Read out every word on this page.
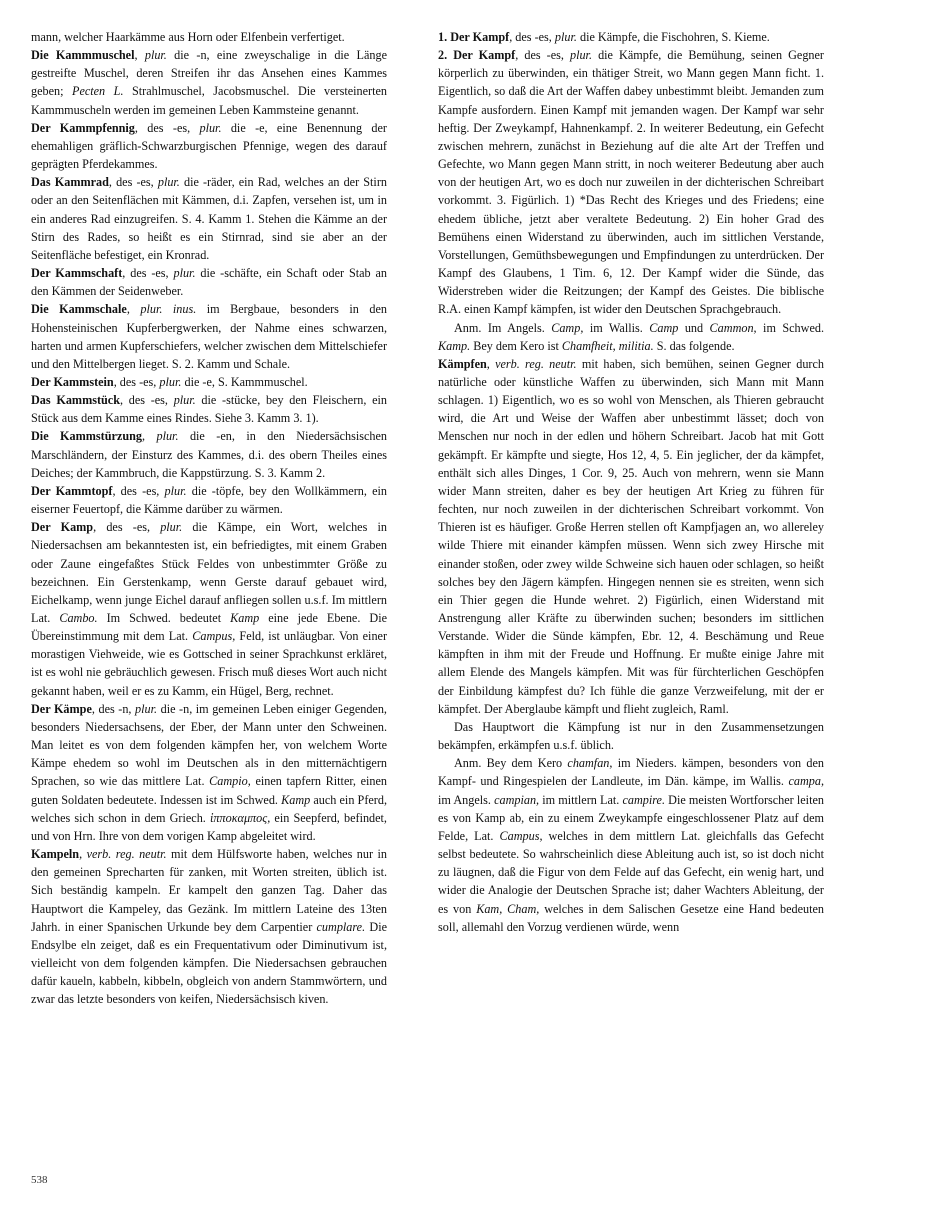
mann, welcher Haarkämme aus Horn oder Elfenbein verfertiget.

Die Kammmuschel, plur. die -n, eine zweyschalige in die Länge gestreifte Muschel, deren Streifen ihr das Ansehen eines Kammes geben; Pecten L. Strahlmuschel, Jacobsmuschel. Die versteinerten Kammmuscheln werden im gemeinen Leben Kammsteine genannt.

Der Kammpfennig, des -es, plur. die -e, eine Benennung der ehemahligen gräflich-Schwarzburgischen Pfennige, wegen des darauf geprägten Pferdekammes.

Das Kammrad, des -es, plur. die -räder, ein Rad, welches an der Stirn oder an den Seitenflächen mit Kämmen, d.i. Zapfen, versehen ist, um in ein anderes Rad einzugreifen. S. 4. Kamm 1. Stehen die Kämme an der Stirn des Rades, so heißt es ein Stirnrad, sind sie aber an der Seitenfläche befestiget, ein Kronrad.

Der Kammschaft, des -es, plur. die -schäfte, ein Schaft oder Stab an den Kämmen der Seidenweber.

Die Kammschale, plur. inus. im Bergbaue, besonders in den Hohensteinischen Kupferbergwerken, der Nahme eines schwarzen, harten und armen Kupferschiefers, welcher zwischen dem Mittelschiefer und den Mittelbergen lieget. S. 2. Kamm und Schale.

Der Kammstein, des -es, plur. die -e, S. Kammmuschel.

Das Kammstück, des -es, plur. die -stücke, bey den Fleischern, ein Stück aus dem Kamme eines Rindes. Siehe 3. Kamm 3. 1).

Die Kammstürzung, plur. die -en, in den Niedersächsischen Marschländern, der Einsturz des Kammes, d.i. des obern Theiles eines Deiches; der Kammbruch, die Kappstürzung. S. 3. Kamm 2.

Der Kammtopf, des -es, plur. die -töpfe, bey den Wollkämmern, ein eiserner Feuertopf, die Kämme darüber zu wärmen.

Der Kamp, des -es, plur. die Kämpe, ein Wort, welches in Niedersachsen am bekanntesten ist, ein befriedigtes, mit einem Graben oder Zaune eingefaßtes Stück Feldes von unbestimmter Größe zu bezeichnen. Ein Gerstenkamp, wenn Gerste darauf gebauet wird, Eichelkamp, wenn junge Eichel darauf anfliegen sollen u.s.f. Im mittlern Lat. Cambo. Im Schwed. bedeutet Kamp eine jede Ebene. Die Übereinstimmung mit dem Lat. Campus, Feld, ist unläugbar. Von einer morastigen Viehweide, wie es Gottsched in seiner Sprachkunst erkläret, ist es wohl nie gebräuchlich gewesen. Frisch muß dieses Wort auch nicht gekannt haben, weil er es zu Kamm, ein Hügel, Berg, rechnet.

Der Kämpe, des -n, plur. die -n, im gemeinen Leben einiger Gegenden, besonders Niedersachsens, der Eber, der Mann unter den Schweinen. Man leitet es von dem folgenden kämpfen her, von welchem Worte Kämpe ehedem so wohl im Deutschen als in den mitternächtigern Sprachen, so wie das mittlere Lat. Campio, einen tapfern Ritter, einen guten Soldaten bedeutete. Indessen ist im Schwed. Kamp auch ein Pferd, welches sich schon in dem Griech. ἱπποκαμπος, ein Seepferd, befindet, und von Hrn. Ihre von dem vorigen Kamp abgeleitet wird.

Kampeln, verb. reg. neutr. mit dem Hülfsworte haben, welches nur in den gemeinen Sprecharten für zanken, mit Worten streiten, üblich ist. Sich beständig kampeln. Er kampelt den ganzen Tag. Daher das Hauptwort die Kampeley, das Gezänk. Im mittlern Lateine des 13ten Jahrh. in einer Spanischen Urkunde bey dem Carpentier cumplare. Die Endsylbe eln zeiget, daß es ein Frequentativum oder Diminutivum ist, vielleicht von dem folgenden kämpfen. Die Niedersachsen gebrauchen dafür kaueln, kabbeln, kibbeln, obgleich von andern Stammwörtern, und zwar das letzte besonders von keifen, Niedersächsisch kiven.

1. Der Kampf, des -es, plur. die Kämpfe, die Fischohren, S. Kieme.

2. Der Kampf, des -es, plur. die Kämpfe, die Bemühung, seinen Gegner körperlich zu überwinden, ein thätiger Streit, wo Mann gegen Mann ficht. 1. Eigentlich, so daß die Art der Waffen dabey unbestimmt bleibt. Jemanden zum Kampfe ausfordern. Einen Kampf mit jemanden wagen. Der Kampf war sehr heftig. Der Zweykampf, Hahnenkampf. 2. In weiterer Bedeutung, ein Gefecht zwischen mehrern, zunächst in Beziehung auf die alte Art der Treffen und Gefechte, wo Mann gegen Mann stritt, in noch weiterer Bedeutung aber auch von der heutigen Art, wo es doch nur zuweilen in der dichterischen Schreibart vorkommt. 3. Figürlich. 1) *Das Recht des Krieges und des Friedens; eine ehedem übliche, jetzt aber veraltete Bedeutung. 2) Ein hoher Grad des Bemühens einen Widerstand zu überwinden, auch im sittlichen Verstande, Vorstellungen, Gemüthsbewegungen und Empfindungen zu unterdrücken. Der Kampf des Glaubens, 1 Tim. 6, 12. Der Kampf wider die Sünde, das Widerstreben wider die Reitzungen; der Kampf des Geistes. Die biblische R.A. einen Kampf kämpfen, ist wider den Deutschen Sprachgebrauch.

Anm. Im Angels. Camp, im Wallis. Camp und Cammon, im Schwed. Kamp. Bey dem Kero ist Chamfheit, militia. S. das folgende.

Kämpfen, verb. reg. neutr. mit haben, sich bemühen, seinen Gegner durch natürliche oder künstliche Waffen zu überwinden, sich Mann mit Mann schlagen. 1) Eigentlich, wo es so wohl von Menschen, als Thieren gebraucht wird, die Art und Weise der Waffen aber unbestimmt lässet; doch von Menschen nur noch in der edlen und höhern Schreibart. Jacob hat mit Gott gekämpft. Er kämpfte und siegte, Hos 12, 4, 5. Ein jeglicher, der da kämpfet, enthält sich alles Dinges, 1 Cor. 9, 25. Auch von mehrern, wenn sie Mann wider Mann streiten, daher es bey der heutigen Art Krieg zu führen für fechten, nur noch zuweilen in der dichterischen Schreibart vorkommt. Von Thieren ist es häufiger. Große Herren stellen oft Kampfjagen an, wo allereley wilde Thiere mit einander kämpfen müssen. Wenn sich zwey Hirsche mit einander stoßen, oder zwey wilde Schweine sich hauen oder schlagen, so heißt solches bey den Jägern kämpfen. Hingegen nennen sie es streiten, wenn sich ein Thier gegen die Hunde wehret. 2) Figürlich, einen Widerstand mit Anstrengung aller Kräfte zu überwinden suchen; besonders im sittlichen Verstande. Wider die Sünde kämpfen, Ebr. 12, 4. Beschämung und Reue kämpften in ihm mit der Freude und Hoffnung. Er mußte einige Jahre mit allem Elende des Mangels kämpfen. Mit was für fürchterlichen Geschöpfen der Einbildung kämpfest du? Ich fühle die ganze Verzweifelung, mit der er kämpfet. Der Aberglaube kämpft und flieht zugleich, Raml.

Das Hauptwort die Kämpfung ist nur in den Zusammensetzungen bekämpfen, erkämpfen u.s.f. üblich.

Anm. Bey dem Kero chamfan, im Nieders. kämpen, besonders von den Kampf- und Ringespielen der Landleute, im Dän. kämpe, im Wallis. campa, im Angels. campian, im mittlern Lat. campire. Die meisten Wortforscher leiten es von Kamp ab, ein zu einem Zweykampfe eingeschlossener Platz auf dem Felde, Lat. Campus, welches in dem mittlern Lat. gleichfalls das Gefecht selbst bedeutete. So wahrscheinlich diese Ableitung auch ist, so ist doch nicht zu läugnen, daß die Figur von dem Felde auf das Gefecht, ein wenig hart, und wider die Analogie der Deutschen Sprache ist; daher Wachters Ableitung, der es von Kam, Cham, welches in dem Salischen Gesetze eine Hand bedeuten soll, allemahl den Vorzug verdienen würde, wenn

538
